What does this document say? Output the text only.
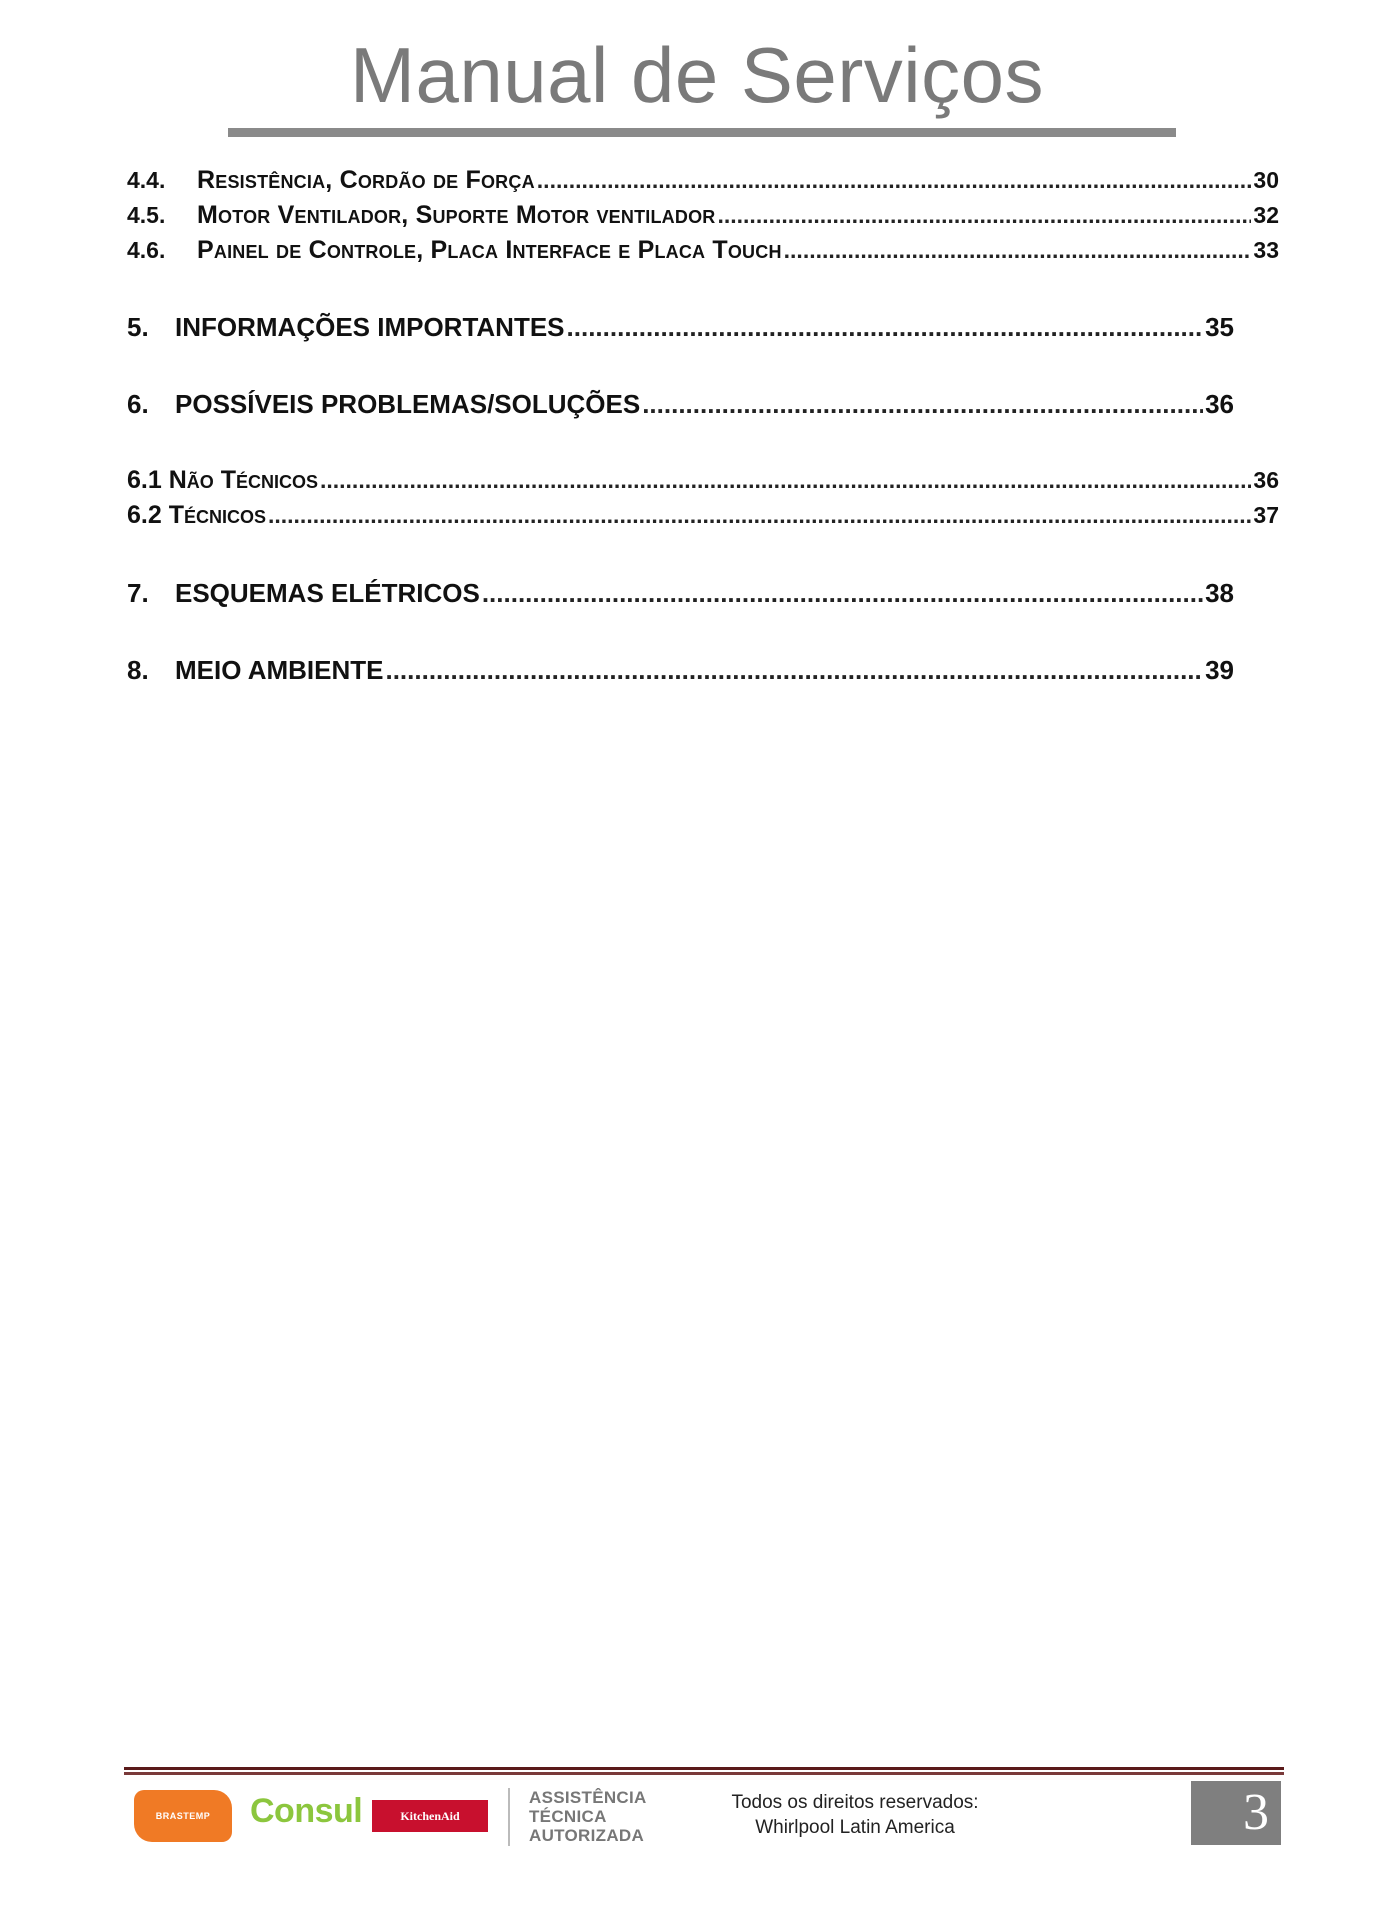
Manual de Serviços
4.4.	Resistência, Cordão de Força .....	30
4.5.	Motor Ventilador, Suporte Motor ventilador .....	32
4.6.	Painel de Controle, Placa Interface e Placa Touch .....	33
5.	INFORMAÇÕES IMPORTANTES .....	35
6.	POSSÍVEIS PROBLEMAS/SOLUÇÕES .....	36
6.1 Não Técnicos .....	36
6.2 Técnicos .....	37
7.	ESQUEMAS ELÉTRICOS .....	38
8.	MEIO AMBIENTE .....	39
BRASTEMP	Consul	KitchenAid
ASSISTÊNCIA
TÉCNICA
AUTORIZADA
Todos os direitos reservados:
Whirlpool Latin America	3
